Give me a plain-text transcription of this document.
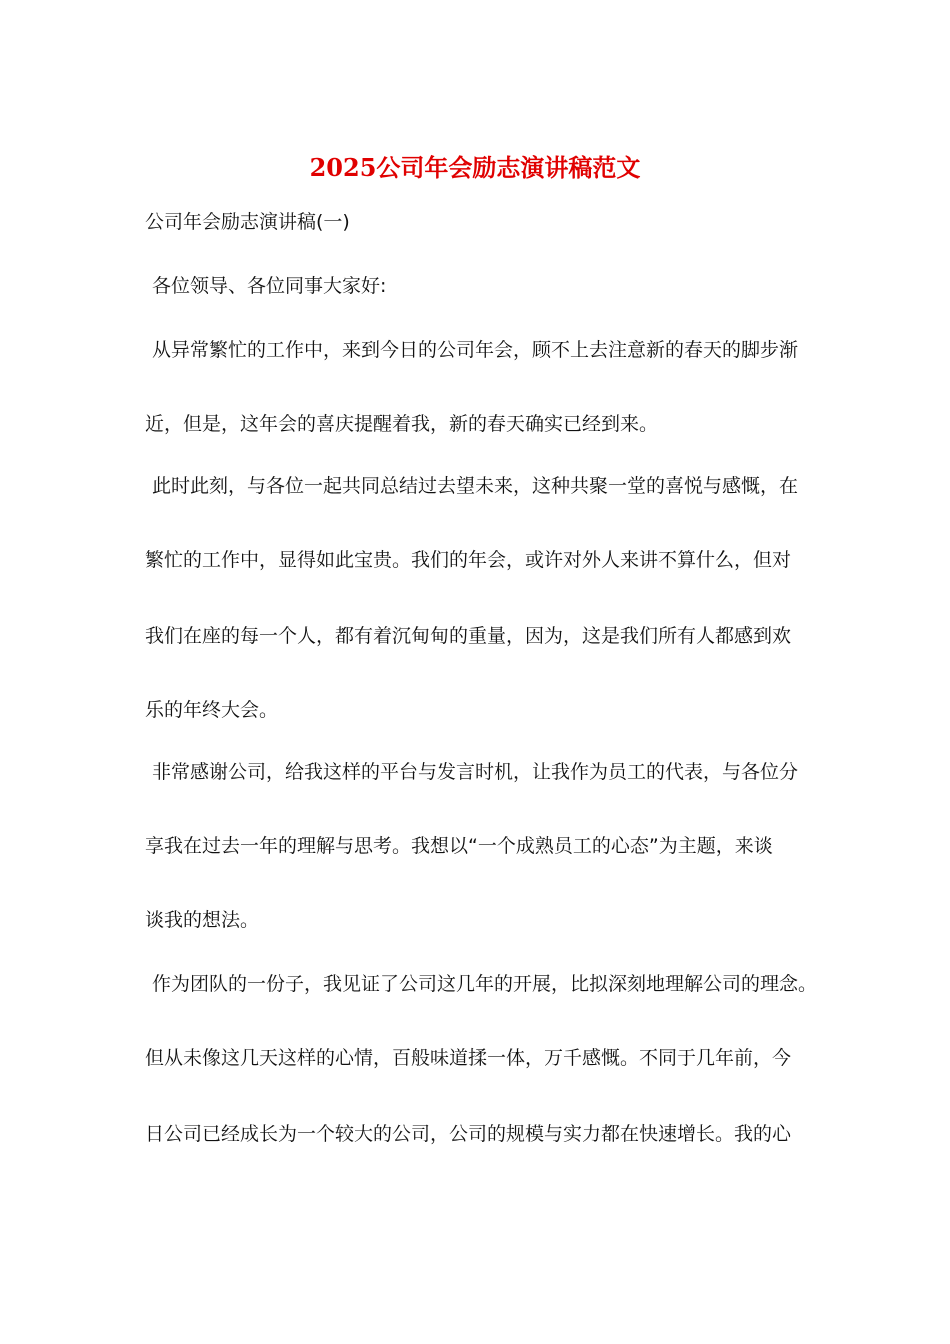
2025公司年会励志演讲稿范文

公司年会励志演讲稿(一)

各位领导、各位同事大家好:

从异常繁忙的工作中，来到今日的公司年会，顾不上去注意新的春天的脚步渐

近，但是，这年会的喜庆提醒着我，新的春天确实已经到来。

此时此刻，与各位一起共同总结过去望未来，这种共聚一堂的喜悦与感慨，在

繁忙的工作中，显得如此宝贵。我们的年会，或许对外人来讲不算什么，但对

我们在座的每一个人，都有着沉甸甸的重量，因为，这是我们所有人都感到欢

乐的年终大会。

非常感谢公司，给我这样的平台与发言时机，让我作为员工的代表，与各位分

享我在过去一年的理解与思考。我想以“一个成熟员工的心态”为主题，来谈

谈我的想法。

作为团队的一份子，我见证了公司这几年的开展，比拟深刻地理解公司的理念。

但从未像这几天这样的心情，百般味道揉一体，万千感慨。不同于几年前，今

日公司已经成长为一个较大的公司，公司的规模与实力都在快速增长。我的心
